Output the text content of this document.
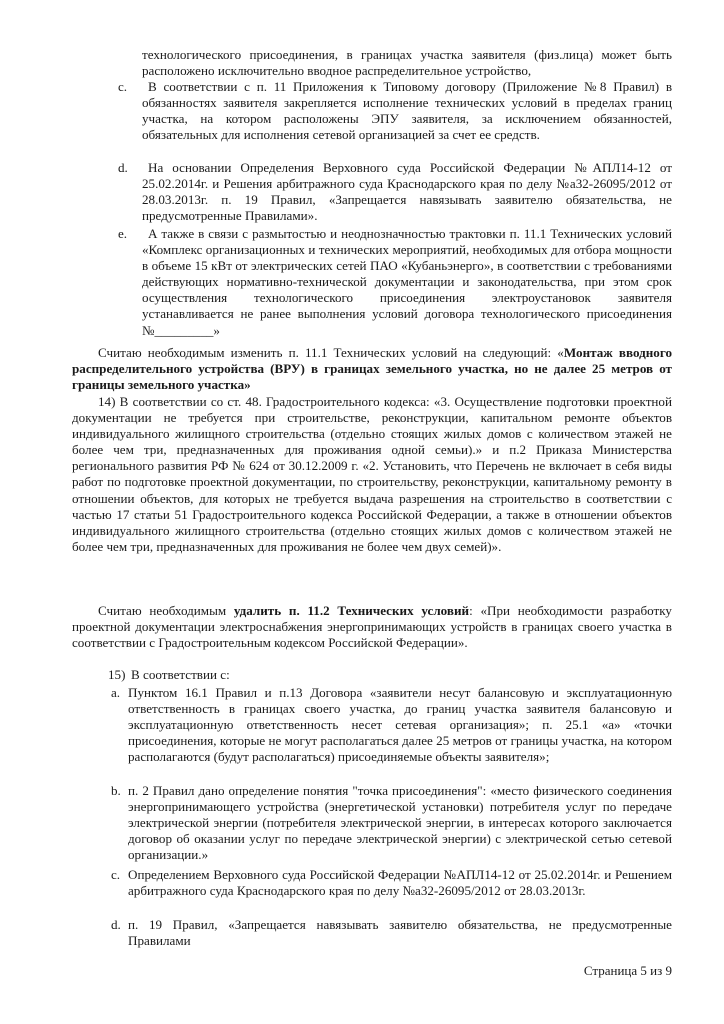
технологического присоединения, в границах участка заявителя (физ.лица) может быть расположено исключительно вводное распределительное устройство,

c.	В соответствии с п. 11 Приложения к Типовому договору (Приложение №8 Правил) в обязанностях заявителя закрепляется исполнение технических условий в пределах границ участка, на котором расположены ЭПУ заявителя, за исключением обязанностей, обязательных для исполнения сетевой организацией за счет ее средств.

d.	На основании Определения Верховного суда Российской Федерации №АПЛ14-12 от 25.02.2014г. и Решения арбитражного суда Краснодарского края по делу №а32-26095/2012 от 28.03.2013г. п. 19 Правил, «Запрещается навязывать заявителю обязательства, не предусмотренные Правилами».

e.	А также в связи с размытостью и неоднозначностью трактовки п. 11.1 Технических условий «Комплекс организационных и технических мероприятий, необходимых для отбора мощности в объеме 15 кВт от электрических сетей ПАО «Кубаньэнерго», в соответствии с требованиями действующих нормативно-технической документации и законодательства, при этом срок осуществления технологического присоединения электроустановок заявителя устанавливается не ранее выполнения условий договора технологического присоединения №_________»

Считаю необходимым изменить п. 11.1 Технических условий на следующий: «Монтаж вводного распределительного устройства (ВРУ) в границах земельного участка, но не далее 25 метров от границы земельного участка»

14) В соответствии со ст. 48. Градостроительного кодекса: «3. Осуществление подготовки проектной документации не требуется при строительстве, реконструкции, капитальном ремонте объектов индивидуального жилищного строительства (отдельно стоящих жилых домов с количеством этажей не более чем три, предназначенных для проживания одной семьи).» и п.2 Приказа Министерства регионального развития РФ № 624 от 30.12.2009 г. «2. Установить, что Перечень не включает в себя виды работ по подготовке проектной документации, по строительству, реконструкции, капитальному ремонту в отношении объектов, для которых не требуется выдача разрешения на строительство в соответствии с частью 17 статьи 51 Градостроительного кодекса Российской Федерации, а также в отношении объектов индивидуального жилищного строительства (отдельно стоящих жилых домов с количеством этажей не более чем три, предназначенных для проживания не более чем двух семей)».

Считаю необходимым удалить п. 11.2 Технических условий: «При необходимости разработку проектной документации электроснабжения энергопринимающих устройств в границах своего участка в соответствии с Градостроительным кодексом Российской Федерации».

15) В соответствии с:

a. Пунктом 16.1 Правил и п.13 Договора «заявители несут балансовую и эксплуатационную ответственность в границах своего участка, до границ участка заявителя балансовую и эксплуатационную ответственность несет сетевая организация»; п. 25.1 «а» «точки присоединения, которые не могут располагаться далее 25 метров от границы участка, на котором располагаются (будут располагаться) присоединяемые объекты заявителя»;

b. п. 2 Правил дано определение понятия "точка присоединения": «место физического соединения энергопринимающего устройства (энергетической установки) потребителя услуг по передаче электрической энергии (потребителя электрической энергии, в интересах которого заключается договор об оказании услуг по передаче электрической энергии) с электрической сетью сетевой организации.»

c. Определением Верховного суда Российской Федерации №АПЛ14-12 от 25.02.2014г. и Решением арбитражного суда Краснодарского края по делу №а32-26095/2012 от 28.03.2013г.

d. п. 19 Правил, «Запрещается навязывать заявителю обязательства, не предусмотренные Правилами

Страница 5 из 9
